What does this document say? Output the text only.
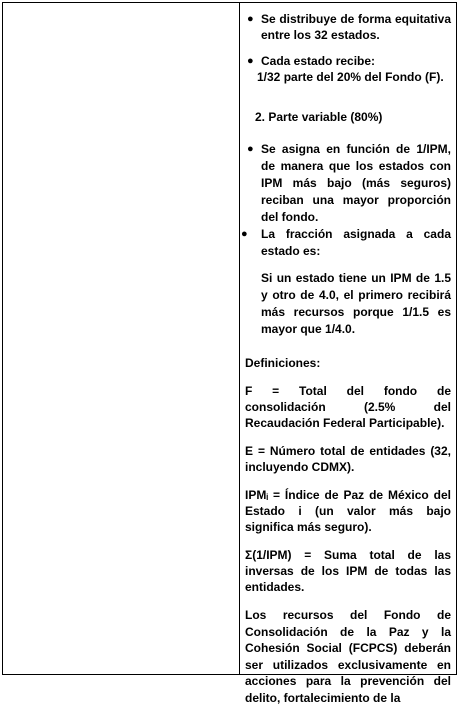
● Se distribuye de forma equitativa entre los 32 estados.

● Cada estado recibe:

1/32 parte del 20% del Fondo (F).

2. Parte variable (80%)

● Se asigna en función de 1/IPM, de manera que los estados con IPM más bajo (más seguros) reciban una mayor proporción del fondo.

● La fracción asignada a cada estado es:

Si un estado tiene un IPM de 1.5 y otro de 4.0, el primero recibirá más recursos porque 1/1.5 es mayor que 1/4.0.

Definiciones:

F = Total del fondo de consolidación (2.5% del Recaudación Federal Participable).

E = Número total de entidades (32, incluyendo CDMX).

IPMᵢ = Índice de Paz de México del Estado i (un valor más bajo significa más seguro).

Σ(1/IPM) = Suma total de las inversas de los IPM de todas las entidades.

Los recursos del Fondo de Consolidación de la Paz y la Cohesión Social (FCPCS) deberán ser utilizados exclusivamente en acciones para la prevención del delito, fortalecimiento de la
